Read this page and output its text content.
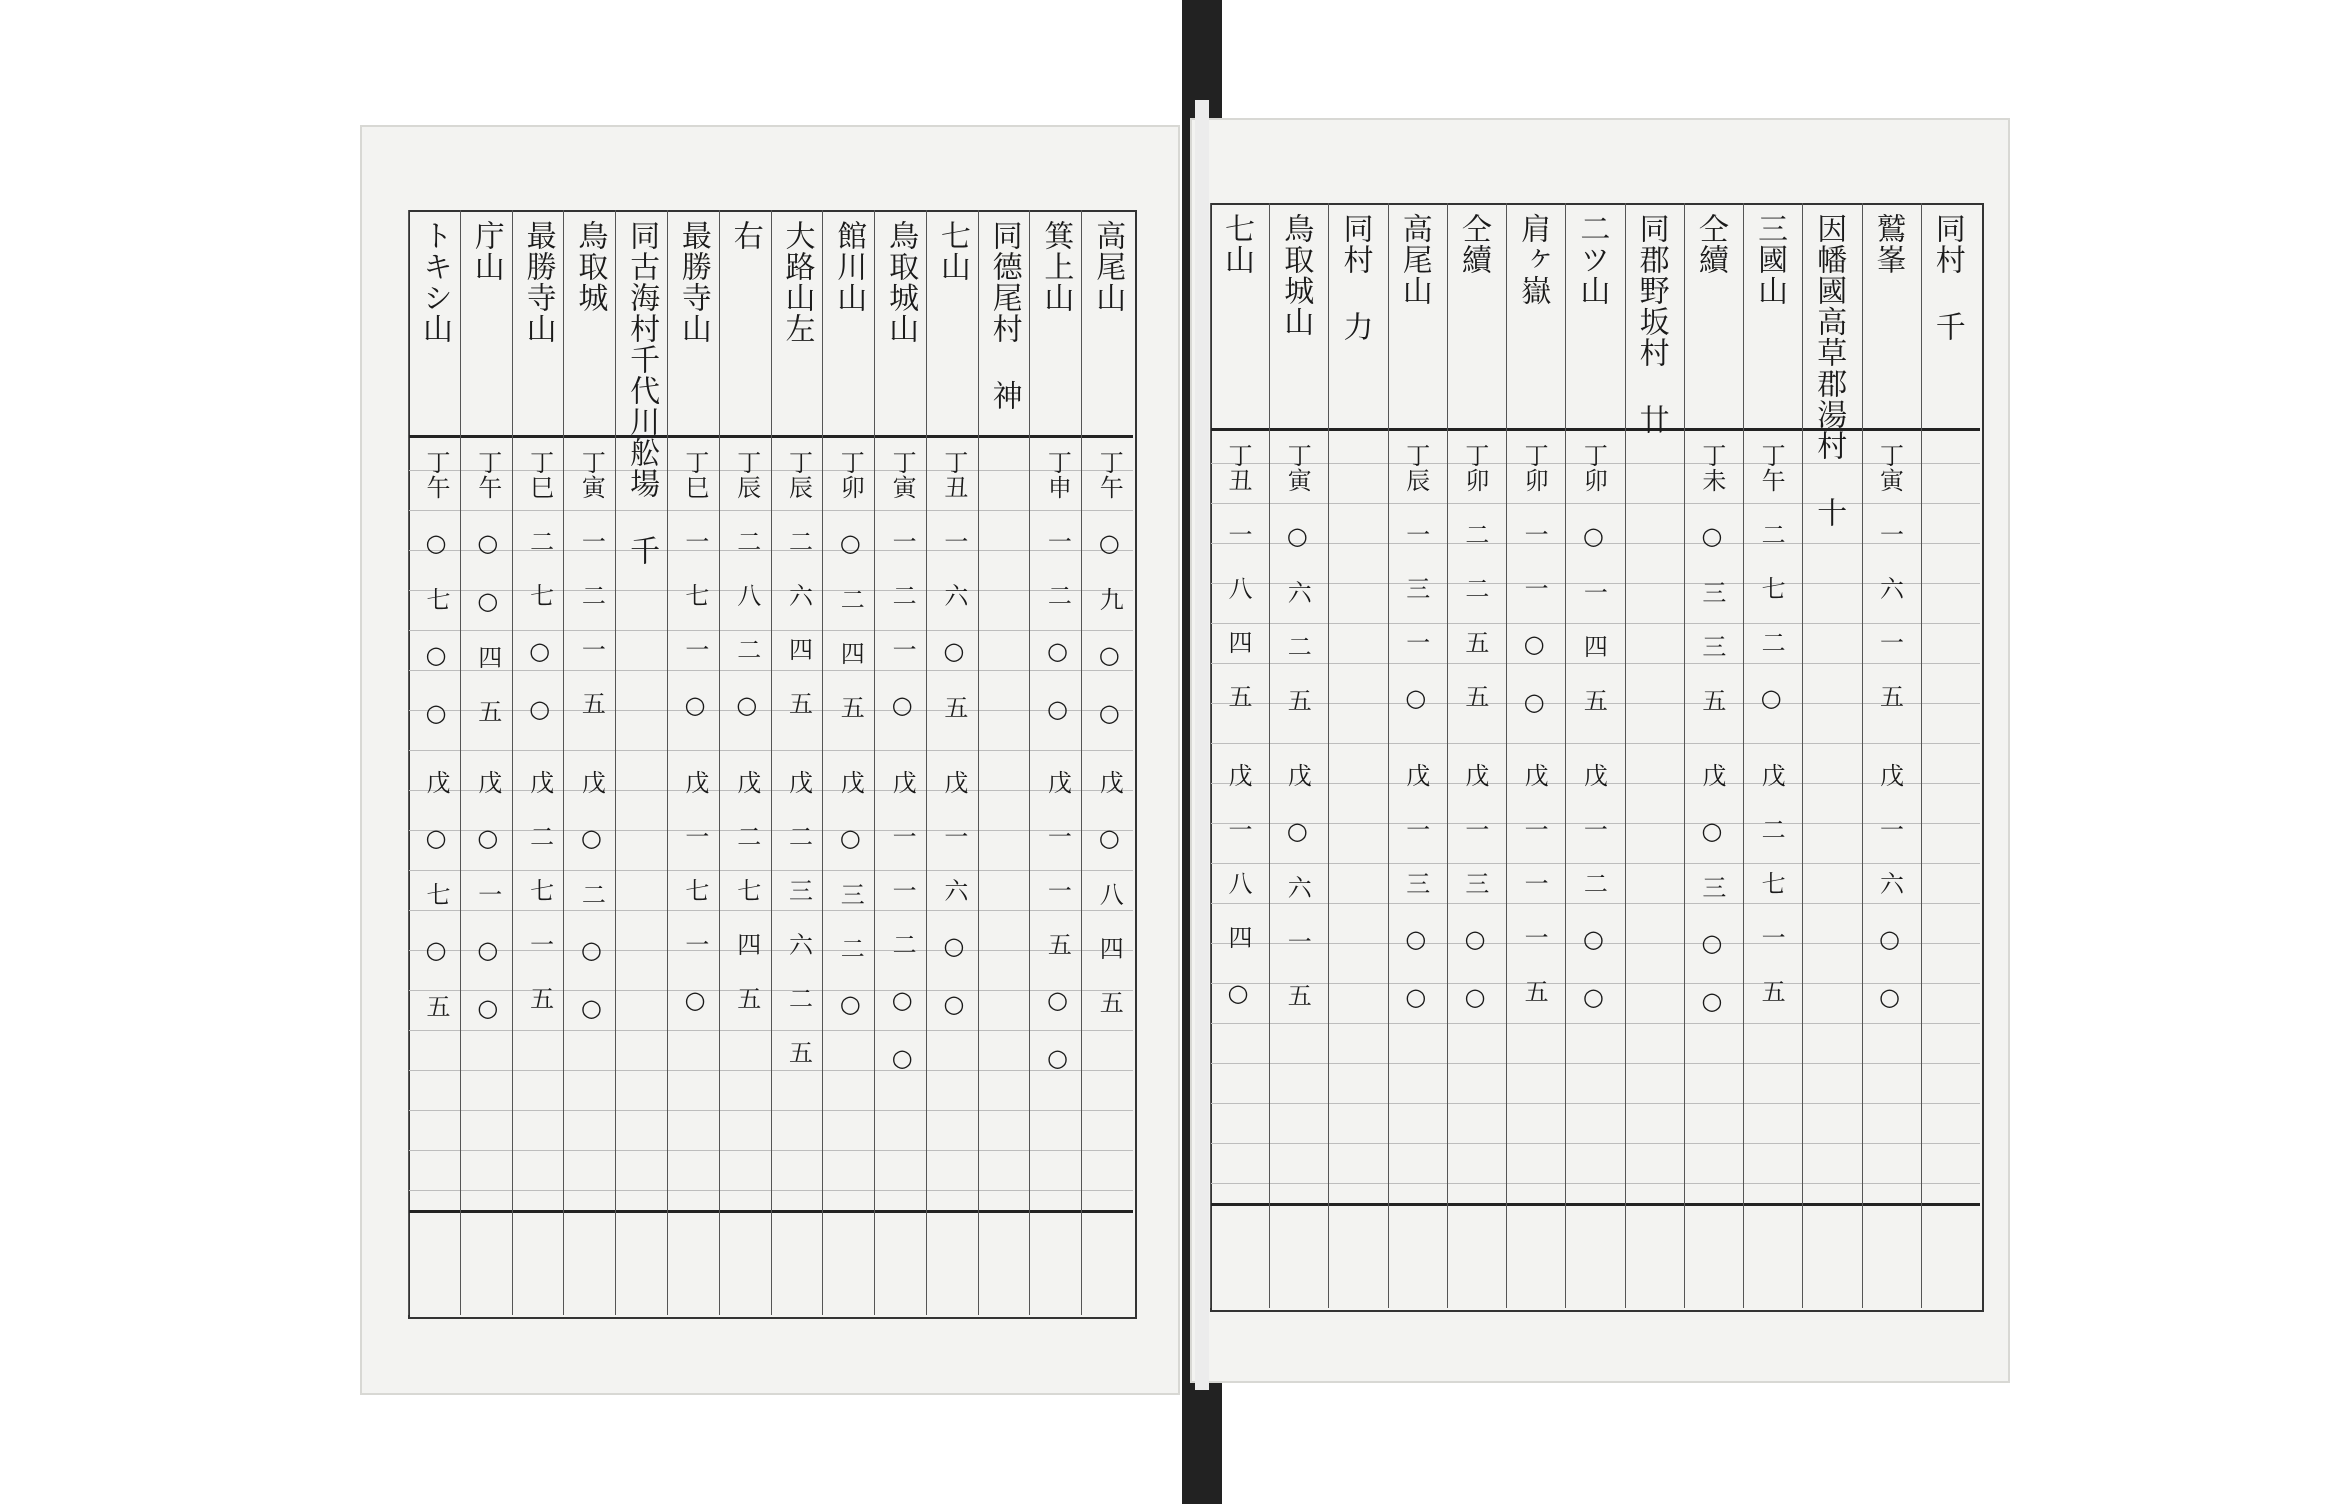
高尾山
丁午 ○ 九 ○ ○
戊 ○ 八 四 五
箕上山
丁申 一 二 ○ ○
戊 一 一 五 ○ ○
同德尾村 神
七山
丁丑 一 六 ○ 五
戊 一 六 ○ ○
鳥取城山
丁寅 一 二 一 ○
戊 一 一 二 ○ ○
館川山
丁卯 ○ 二 四 五
戊 ○ 三 二 ○
大路山左
丁辰 二 六 四 五
戊 二 三 六 二 五
右
丁辰 二 八 二 ○
戊 二 七 四 五
最勝寺山
丁巳 一 七 一 ○
戊 一 七 一 ○
同古海村千代川舩場 千
鳥取城
丁寅 一 二 一 五
戊 ○ 二 ○ ○
最勝寺山
丁巳 二 七 ○ ○
戊 二 七 一 五
庁山
丁午 ○ ○ 四 五
戊 ○ 一 ○ ○
トキシ山
丁午 ○ 七 ○ ○
戊 ○ 七 ○ 五
同村 千
鷲峯
丁寅 一 六 一 五
戊 一 六 ○ ○
因幡國高草郡湯村 十
三國山
丁午 二 七 二 ○
戊 二 七 一 五
仝續
丁未 ○ 三 三 五
戊 ○ 三 ○ ○
同郡野坂村 廿
二ツ山
丁卯 ○ 一 四 五
戊 一 二 ○ ○
肩ヶ嶽
丁卯 一 一 ○ ○
戊 一 一 一 五
仝續
丁卯 二 二 五 五
戊 一 三 ○ ○
高尾山
丁辰 一 三 一 ○
戊 一 三 ○ ○
同村 力
鳥取城山
丁寅 ○ 六 二 五
戊 ○ 六 一 五
七山
丁丑 一 八 四 五
戊 一 八 四 ○
